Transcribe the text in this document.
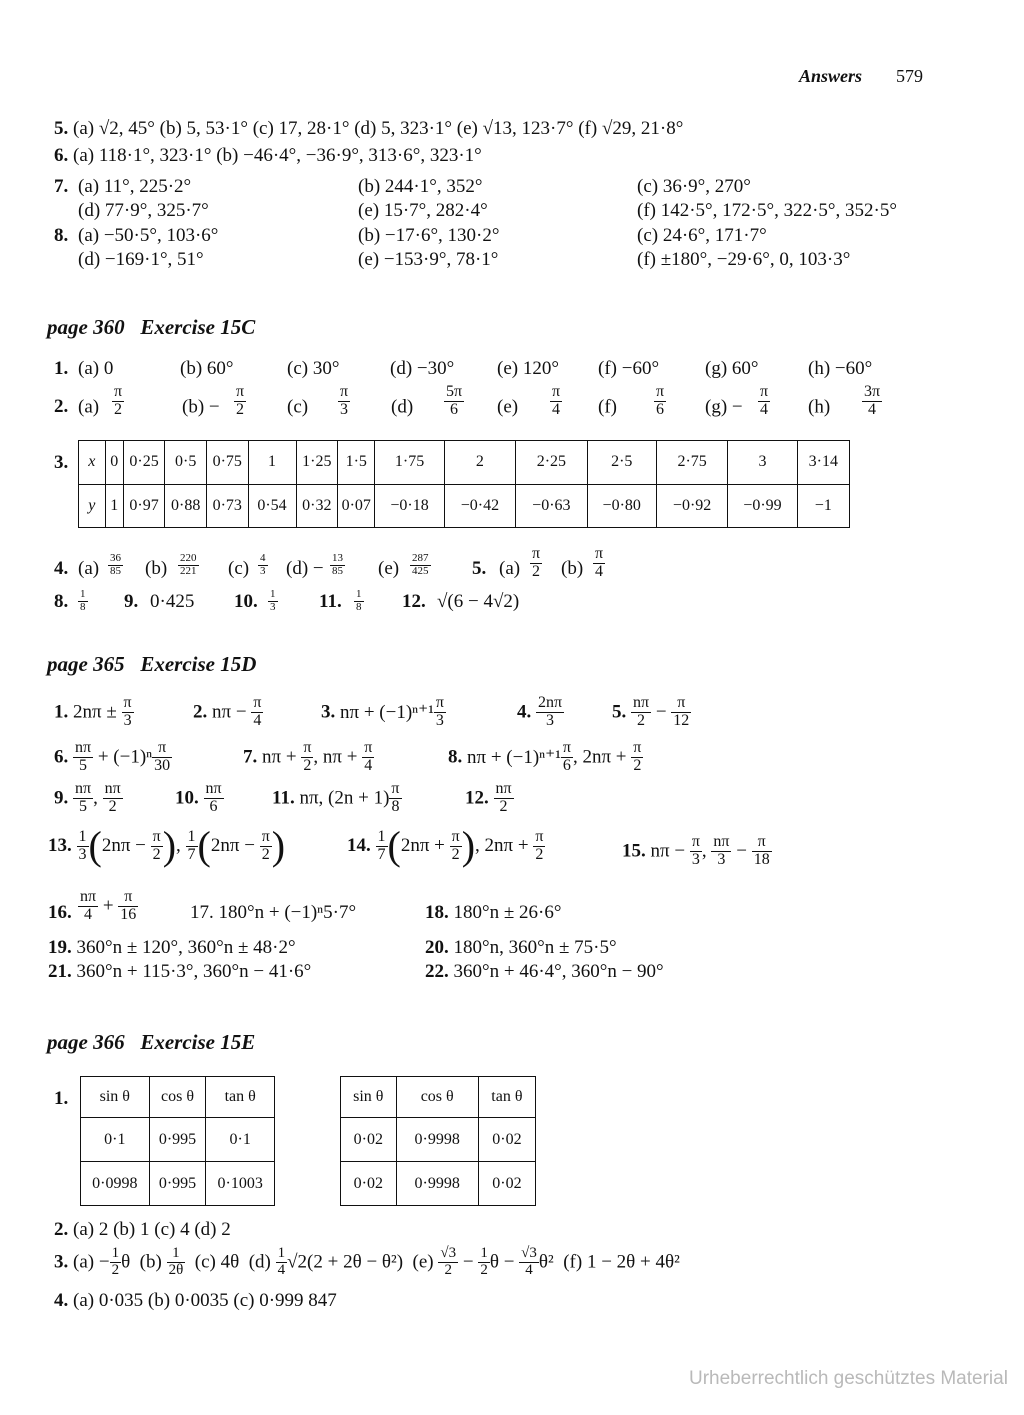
Answers 579
5. (a) √2, 45° (b) 5, 53·1° (c) 17, 28·1° (d) 5, 323·1° (e) √13, 123·7° (f) √29, 21·8°
6. (a) 118·1°, 323·1° (b) −46·4°, −36·9°, 313·6°, 323·1°
7. (a) 11°, 225·2°	(b) 244·1°, 352°	(c) 36·9°, 270°
(d) 77·9°, 325·7°	(e) 15·7°, 282·4°	(f) 142·5°, 172·5°, 322·5°, 352·5°
8. (a) −50·5°, 103·6°	(b) −17·6°, 130·2°	(c) 24·6°, 171·7°
(d) −169·1°, 51°	(e) −153·9°, 78·1°	(f) ±180°, −29·6°, 0, 103·3°
page 360 Exercise 15C
1. (a) 0	(b) 60°	(c) 30°	(d) −30° (e) 120° (f) −60° (g) 60°	(h) −60°
2.
3. x	0	0·25	0·5	0·75	1	1·25	1·5	1·75	2	2·25	2·5	2·75	3	3·14
y	1	0·97	0·88	0·73	0·54	0·32	0·07	−0·18	−0·42	−0·63	−0·80	−0·92	−0·99	−1
4. $(a) \frac{36}{85} (b) \frac{220}{221} (c) \frac{4}{3} (d) - \frac{13}{85} (e) \frac{287}{425} 5$. $(a) \frac{\pi}{2} (b) \frac{\pi}{4}$
8. $\frac{1}{8} 9$. 0·425 10. $\frac{1}{3} 11$. $\frac{1}{8} 12$. √(6 − 4√2)
page 365 Exercise 15D
16. $\frac{n\pi}{4} + \frac{\pi}{16}$	17. 180°n + (−1)ⁿ5·7°	18. 180°n ± 26·6°
19. 360°n ± 120°, 360°n ± 48·2°	20. 180°n, 360°n ± 75·5°
21. 360°n + 115·3°, 360°n − 41·6°	22. 360°n + 46·4°, 360°n − 90°
page 366 Exercise 15E
1. sin θ	cos θ	tan θ
0·1	0·995	0·1
0·0998	0·995	0·1003
sin θ	cos θ	tan θ
0·02	0·9998	0·02
0·02	0·9998	0·02
2. (a) 2 (b) 1 (c) 4 (d) 2
3. $(a) - \frac{1}{2}$ θ $(b) \frac{1}{2\theta} (c)$ 4θ $(d) \frac{1}{4} √2(2 + 2\theta - \theta^2)$ $(e) \frac{√3}{2} - \frac{1}{2}$ $\theta - \frac{√3}{4} \theta^2$ (f) 1 − 2θ + 4θ²
4. (a) 0·035 (b) 0·0035 (c) 0·999 847
Urheberrechtlich geschütztes Material
$(a) \frac{\pi}{2}$	$(b) - \frac{\pi}{2} (c) \frac{\pi}{3} (d) \frac{5\pi}{6} (e) \frac{\pi}{4} (f) \frac{\pi}{6} (g) - \frac{\pi}{4} (h) \frac{3\pi}{4}$
1. $2n\pi \pm \frac{\pi}{3}$	2. $n\pi - \frac{\pi}{4}$	3. $n\pi + (-1)^{n+1} \frac{\pi}{3}$	4. $\frac{2n\pi}{3}$	5. $\frac{n\pi}{2} - \frac{\pi}{12}$
6. $\frac{n\pi}{5} + (-1)^n \frac{\pi}{30}$	7. $n\pi + \frac{\pi}{2}$ , $n\pi + \frac{\pi}{4}$	8. $n\pi + (-1)^{n+1} \frac{\pi}{6}$ , $2n\pi + \frac{\pi}{2}$
9. $\frac{n\pi}{5}$ , $\frac{n\pi}{2}$	10. $\frac{n\pi}{6}$	11. nπ, $(2n + 1) \frac{\pi}{8}$	12. $\frac{n\pi}{2}$
13. $\frac{1}{3} (2n\pi - \frac{\pi}{2}$ ), $\frac{1}{7} (2n\pi - \frac{\pi}{2}$ )	14. $\frac{1}{7} (2n\pi + \frac{\pi}{2}$ ), $2n\pi + \frac{\pi}{2}$	15. $n\pi - \frac{\pi}{3}$ , $\frac{n\pi}{3} - \frac{\pi}{18}$
